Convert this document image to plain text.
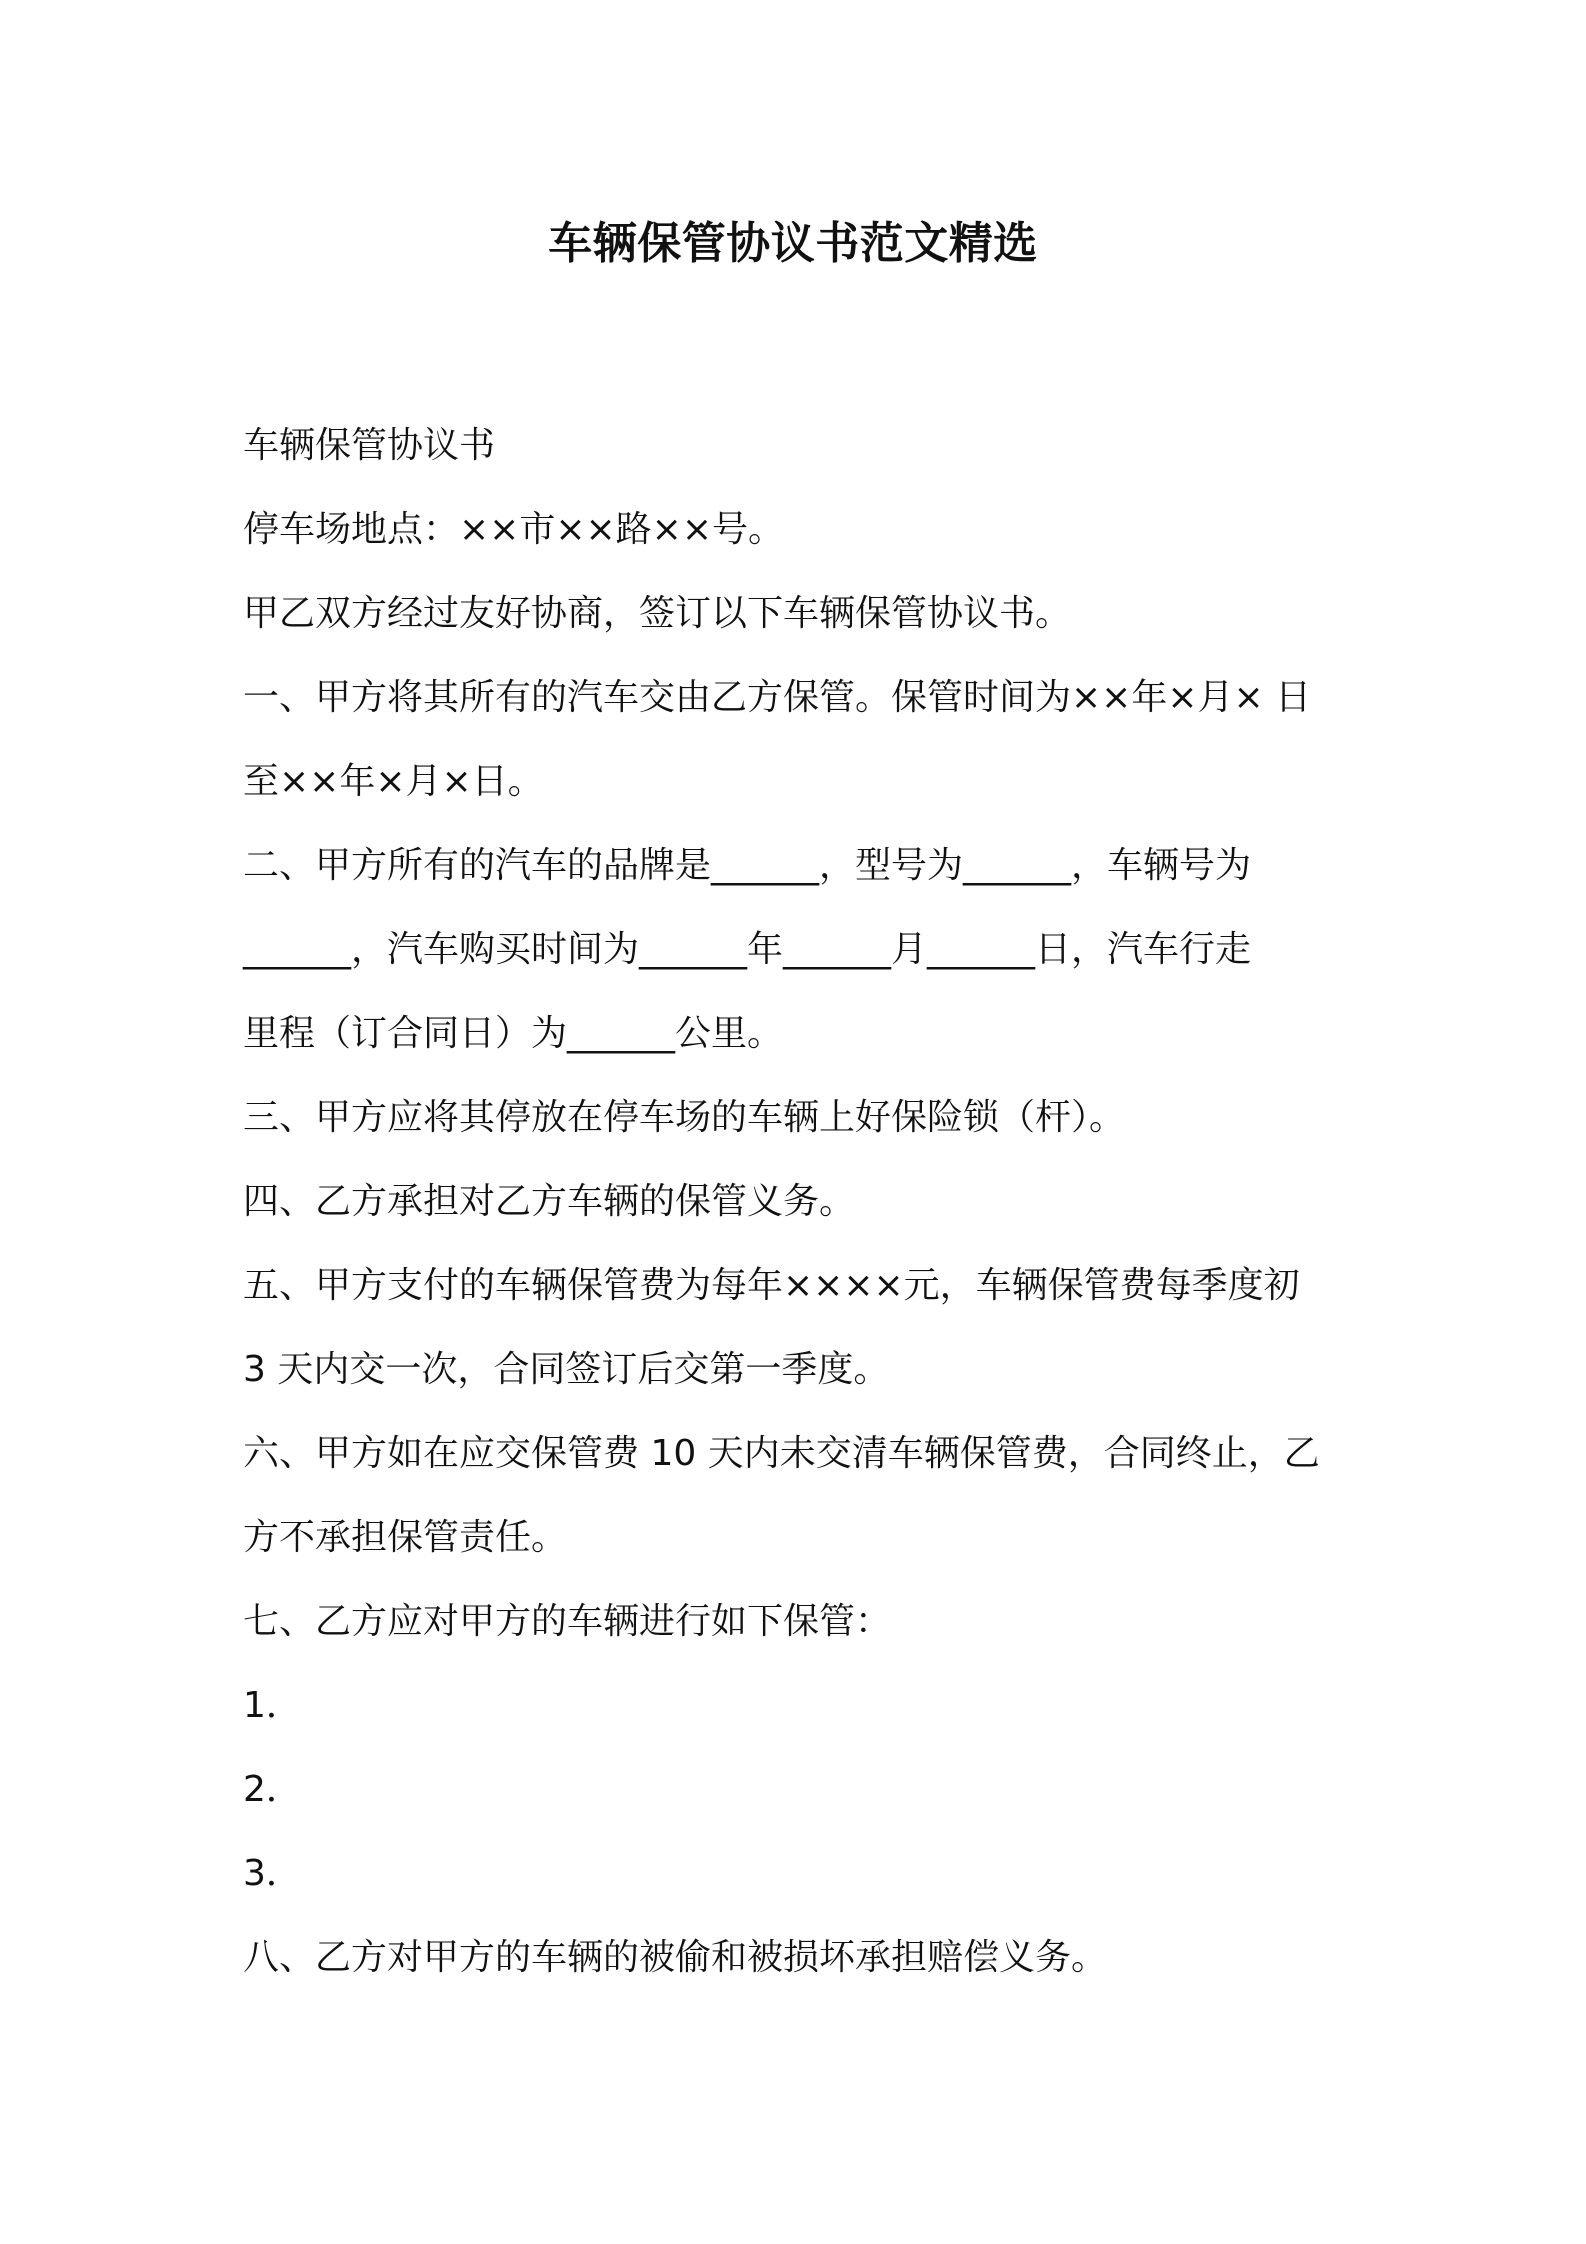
车辆保管协议书范文精选
车辆保管协议书
停车场地点：××市××路××号。
甲乙双方经过友好协商，签订以下车辆保管协议书。
一、甲方将其所有的汽车交由乙方保管。保管时间为××年×月× 日
至××年×月×日。
二、甲方所有的汽车的品牌是______，型号为______，车辆号为
______，汽车购买时间为______年______月______日，汽车行走
里程（订合同日）为______公里。
三、甲方应将其停放在停车场的车辆上好保险锁（杆）。
四、乙方承担对乙方车辆的保管义务。
五、甲方支付的车辆保管费为每年××××元，车辆保管费每季度初
3 天内交一次，合同签订后交第一季度。
六、甲方如在应交保管费 10 天内未交清车辆保管费，合同终止，乙
方不承担保管责任。
七、乙方应对甲方的车辆进行如下保管：
1．
2．
3．
八、乙方对甲方的车辆的被偷和被损坏承担赔偿义务。
